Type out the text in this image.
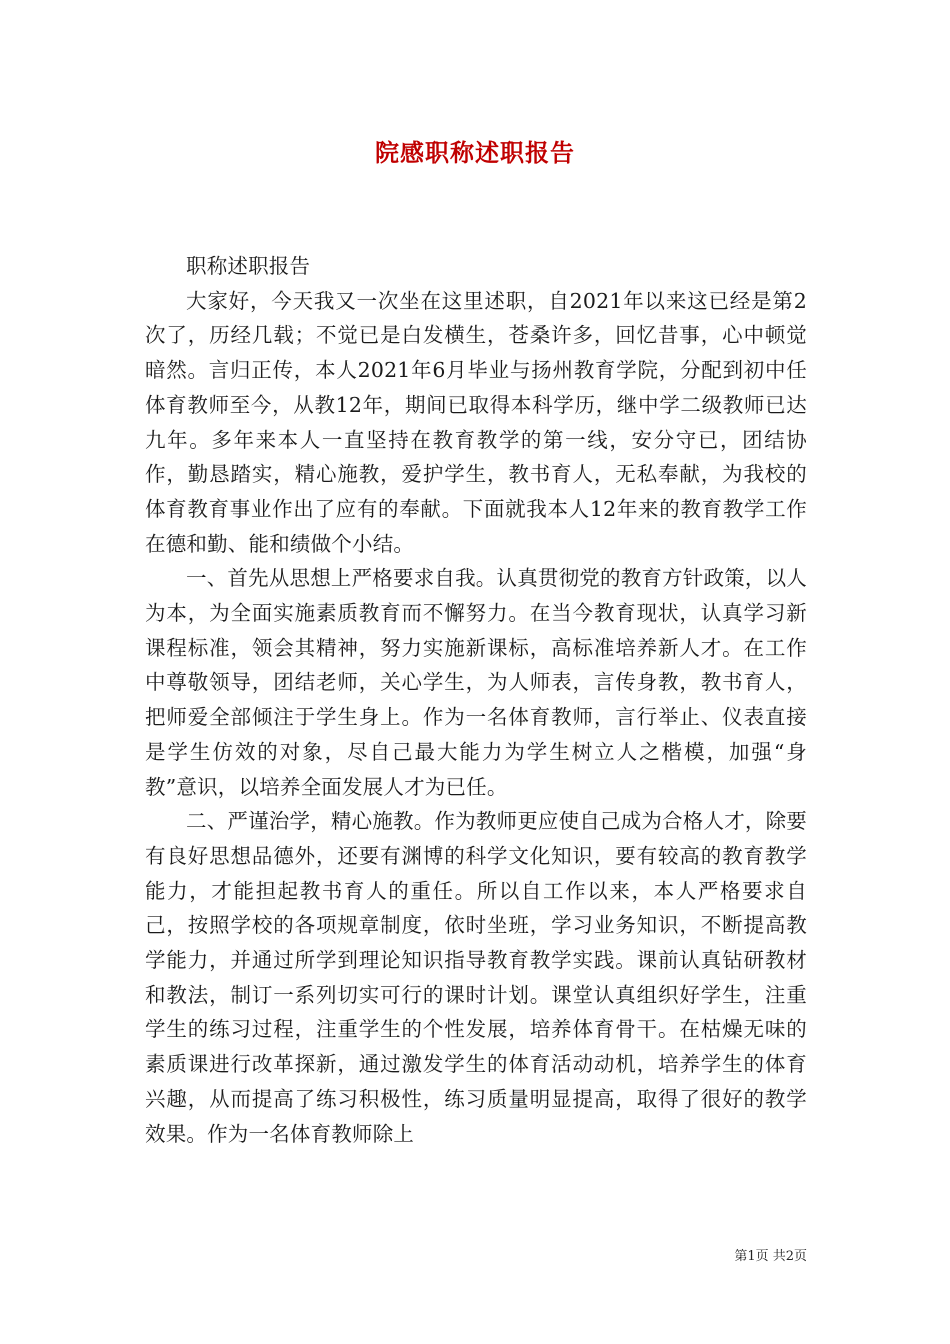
院感职称述职报告

职称述职报告

大家好，今天我又一次坐在这里述职，自2021年以来这已经是第2次了，历经几载；不觉已是白发横生，苍桑许多，回忆昔事，心中顿觉暗然。言归正传，本人2021年6月毕业与扬州教育学院，分配到初中任体育教师至今，从教12年，期间已取得本科学历，继中学二级教师已达九年。多年来本人一直坚持在教育教学的第一线，安分守已，团结协作，勤恳踏实，精心施教，爱护学生，教书育人，无私奉献，为我校的体育教育事业作出了应有的奉献。下面就我本人12年来的教育教学工作在德和勤、能和绩做个小结。

一、首先从思想上严格要求自我。认真贯彻党的教育方针政策，以人为本，为全面实施素质教育而不懈努力。在当今教育现状，认真学习新课程标准，领会其精神，努力实施新课标，高标准培养新人才。在工作中尊敬领导，团结老师，关心学生，为人师表，言传身教，教书育人，把师爱全部倾注于学生身上。作为一名体育教师，言行举止、仪表直接是学生仿效的对象，尽自己最大能力为学生树立人之楷模，加强“身教”意识，以培养全面发展人才为已任。

二、严谨治学，精心施教。作为教师更应使自己成为合格人才，除要有良好思想品德外，还要有渊博的科学文化知识，要有较高的教育教学能力，才能担起教书育人的重任。所以自工作以来，本人严格要求自己，按照学校的各项规章制度，依时坐班，学习业务知识，不断提高教学能力，并通过所学到理论知识指导教育教学实践。课前认真钻研教材和教法，制订一系列切实可行的课时计划。课堂认真组织好学生，注重学生的练习过程，注重学生的个性发展，培养体育骨干。在枯燥无味的素质课进行改革探新，通过激发学生的体育活动动机，培养学生的体育兴趣，从而提高了练习积极性，练习质量明显提高，取得了很好的教学效果。作为一名体育教师除上

第1页 共2页
